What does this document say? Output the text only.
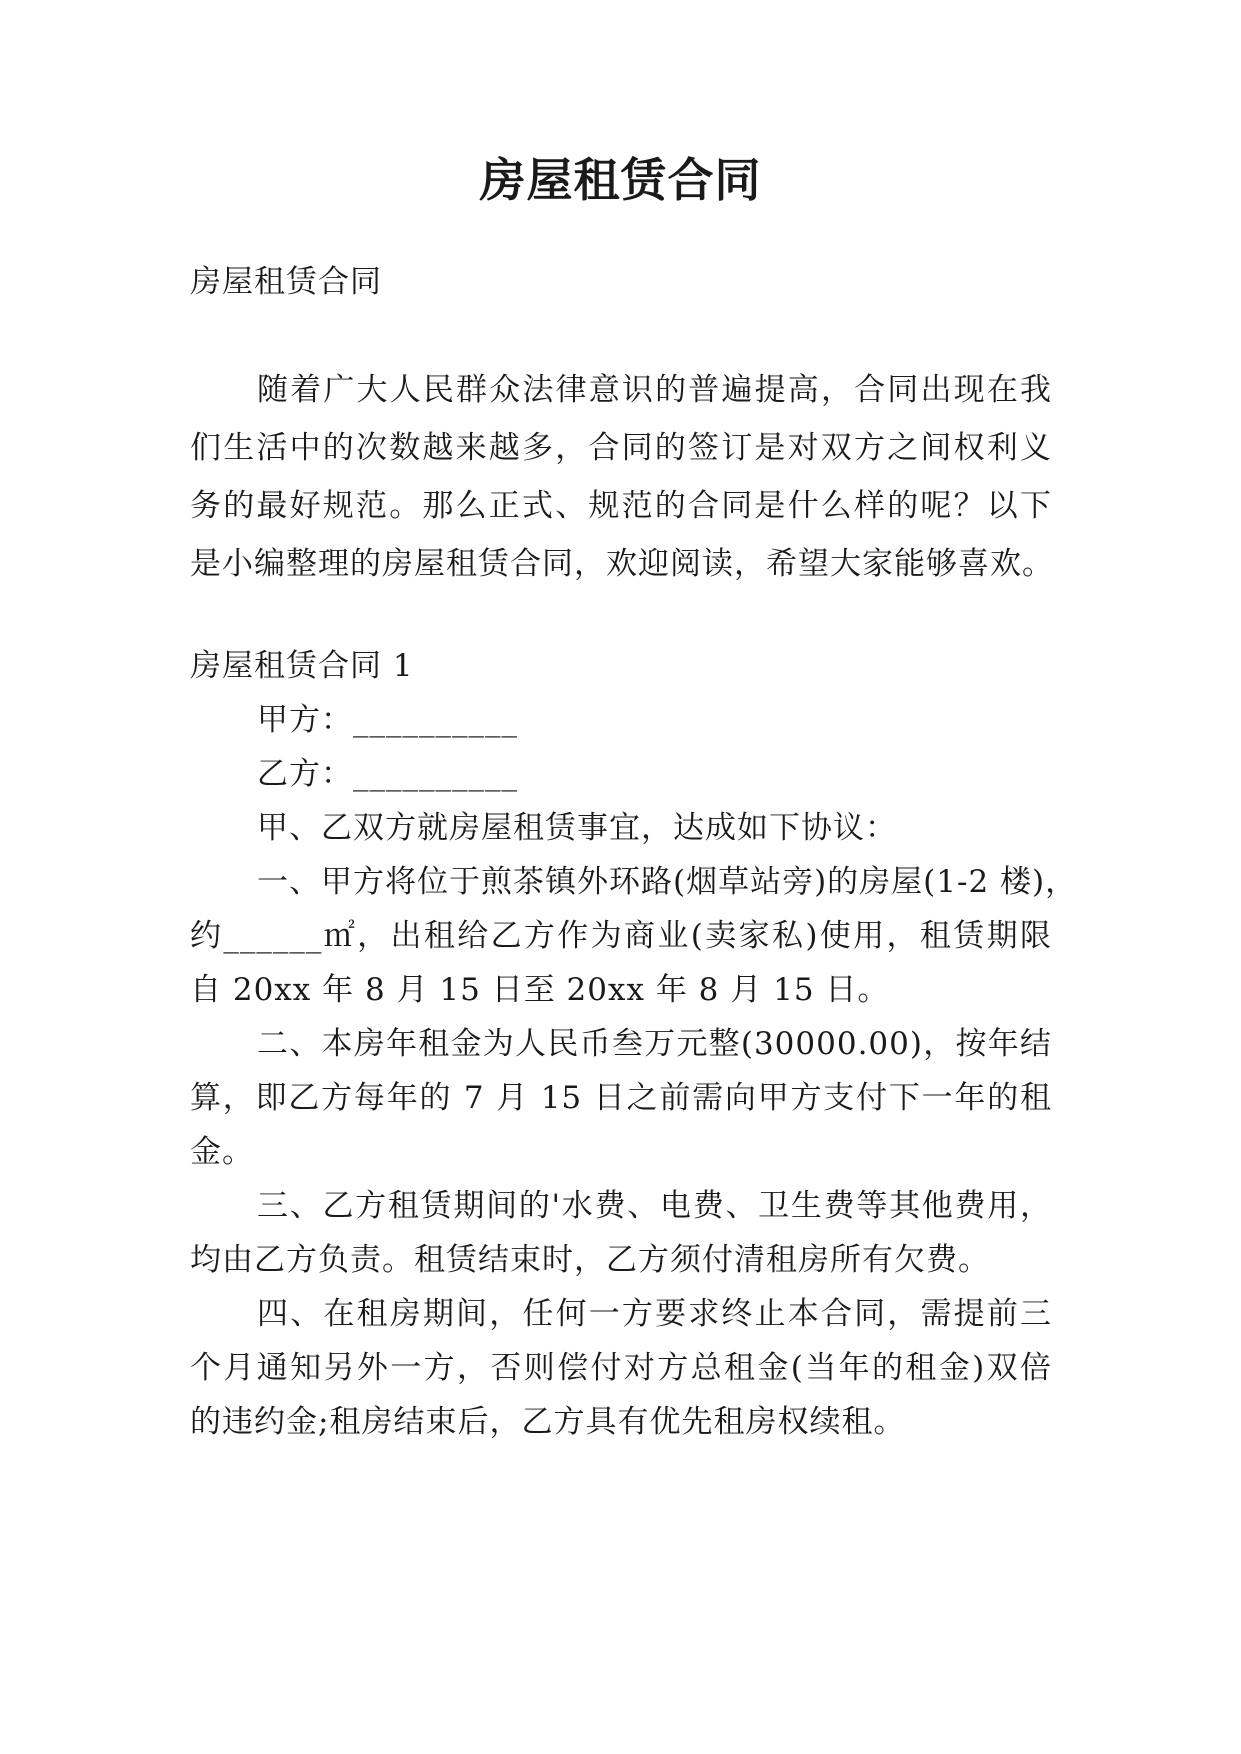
房屋租赁合同
房屋租赁合同
随着广大人民群众法律意识的普遍提高，合同出现在我
们生活中的次数越来越多，合同的签订是对双方之间权利义
务的最好规范。那么正式、规范的合同是什么样的呢？以下
是小编整理的房屋租赁合同，欢迎阅读，希望大家能够喜欢。
房屋租赁合同 1
甲方：__________
乙方：__________
甲、乙双方就房屋租赁事宜，达成如下协议：
一、甲方将位于煎茶镇外环路(烟草站旁)的房屋(1-2 楼)，
约______㎡，出租给乙方作为商业(卖家私)使用，租赁期限
自 20xx 年 8 月 15 日至 20xx 年 8 月 15 日。
二、本房年租金为人民币叁万元整(30000.00)，按年结
算，即乙方每年的 7 月 15 日之前需向甲方支付下一年的租
金。
三、乙方租赁期间的'水费、电费、卫生费等其他费用，
均由乙方负责。租赁结束时，乙方须付清租房所有欠费。
四、在租房期间，任何一方要求终止本合同，需提前三
个月通知另外一方，否则偿付对方总租金(当年的租金)双倍
的违约金;租房结束后，乙方具有优先租房权续租。
